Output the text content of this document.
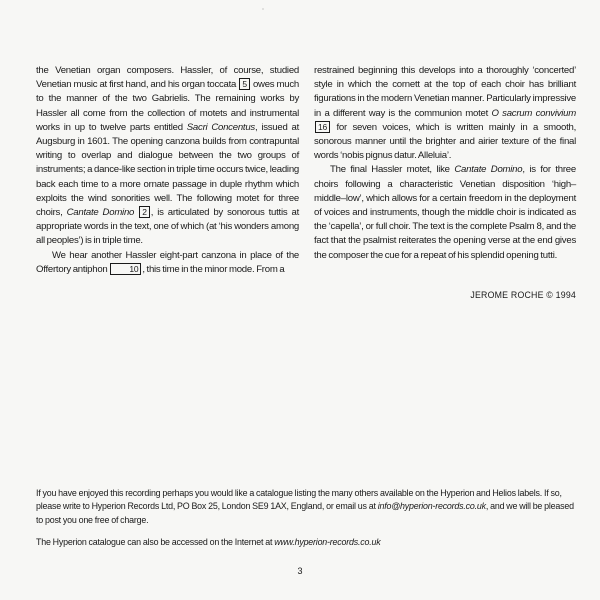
the Venetian organ composers. Hassler, of course, studied Venetian music at first hand, and his organ toccata 5 owes much to the manner of the two Gabrielis. The remaining works by Hassler all come from the collection of motets and instrumental works in up to twelve parts entitled Sacri Concentus, issued at Augsburg in 1601. The opening canzona builds from contrapuntal writing to overlap and dialogue between the two groups of instruments; a dance-like section in triple time occurs twice, leading back each time to a more ornate passage in duple rhythm which exploits the wind sonorities well. The following motet for three choirs, Cantate Domino 2 , is articulated by sonorous tuttis at appropriate words in the text, one of which (at ‘his wonders among all peoples’) is in triple time.

We hear another Hassler eight-part canzona in place of the Offertory antiphon 10 , this time in the minor mode. From a

restrained beginning this develops into a thoroughly ‘concerted’ style in which the cornett at the top of each choir has brilliant figurations in the modern Venetian manner. Particularly impressive in a different way is the communion motet O sacrum convivium 16 for seven voices, which is written mainly in a smooth, sonorous manner until the brighter and airier texture of the final words ‘nobis pignus datur. Alleluia’.

The final Hassler motet, like Cantate Domino, is for three choirs following a characteristic Venetian disposition ‘high–middle–low’, which allows for a certain freedom in the deployment of voices and instruments, though the middle choir is indicated as the ‘capella’, or full choir. The text is the complete Psalm 8, and the fact that the psalmist reiterates the opening verse at the end gives the composer the cue for a repeat of his splendid opening tutti.

JEROME ROCHE © 1994

If you have enjoyed this recording perhaps you would like a catalogue listing the many others available on the Hyperion and Helios labels. If so, please write to Hyperion Records Ltd, PO Box 25, London SE9 1AX, England, or email us at info@hyperion-records.co.uk, and we will be pleased to post you one free of charge.

The Hyperion catalogue can also be accessed on the Internet at www.hyperion-records.co.uk

3
